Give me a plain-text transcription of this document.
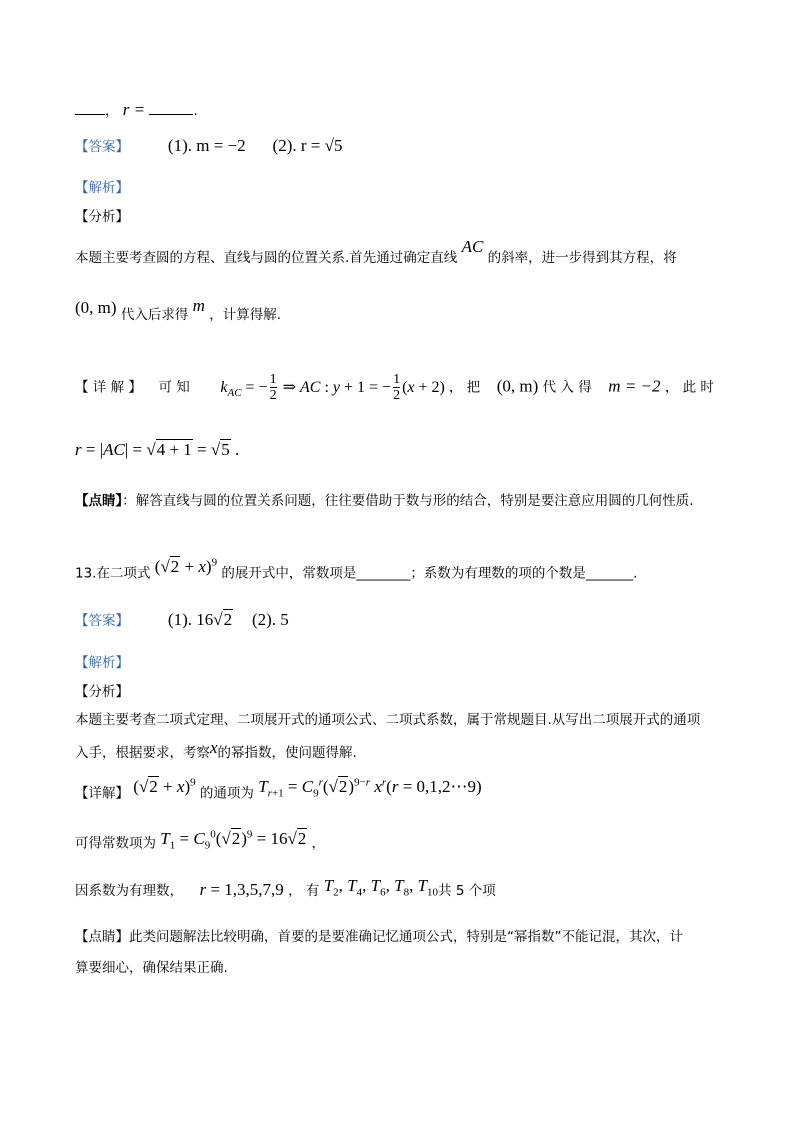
， r =	.
【答案】 (1). m = −2 (2). r = √5
【解析】
【分析】
本题主要考查圆的方程、直线与圆的位置关系.首先通过确定直线 AC 的斜率，进一步得到其方程，将
(0, m) 代入后求得 m ，计算得解.
【 详 解 】 可 知 $k_{AC}$ = − $\frac{1}{2}$ ⇒ AC : y + 1 = − $\frac{1}{2} (x + 2)$ ， 把 (0, m) 代 入 得 m = −2 ， 此 时
r = |AC| = √4 + 1 = √5 .
【点睛】：解答直线与圆的位置关系问题，往往要借助于数与形的结合，特别是要注意应用圆的几何性质.
13.在二项式 $(√2 + x)^9$ 的展开式中，常数项是________；系数为有理数的项的个数是_______.
【答案】 (1). 16√2 (2). 5
【解析】
【分析】
本题主要考查二项式定理、二项展开式的通项公式、二项式系数，属于常规题目.从写出二项展开式的通项
入手，根据要求，考察x的幂指数，使问题得解.
【详解】 $(√2 + x)^9$ 的通项为 $T_{r+1} = C_9^r(√2)^{9-r}$ $x^r(r$ = 0,1,2⋯9)
可得常数项为 $T_1 = C_9^0(√2)^9 = 16√2$ ，
因系数为有理数， r = 1,3,5,7,9 ， 有 $T_2$, $T_4$, $T_6$, $T_8$, $T_{10}$共 5 个项
【点睛】此类问题解法比较明确，首要的是要准确记忆通项公式，特别是“幂指数”不能记混，其次，计
算要细心，确保结果正确.
